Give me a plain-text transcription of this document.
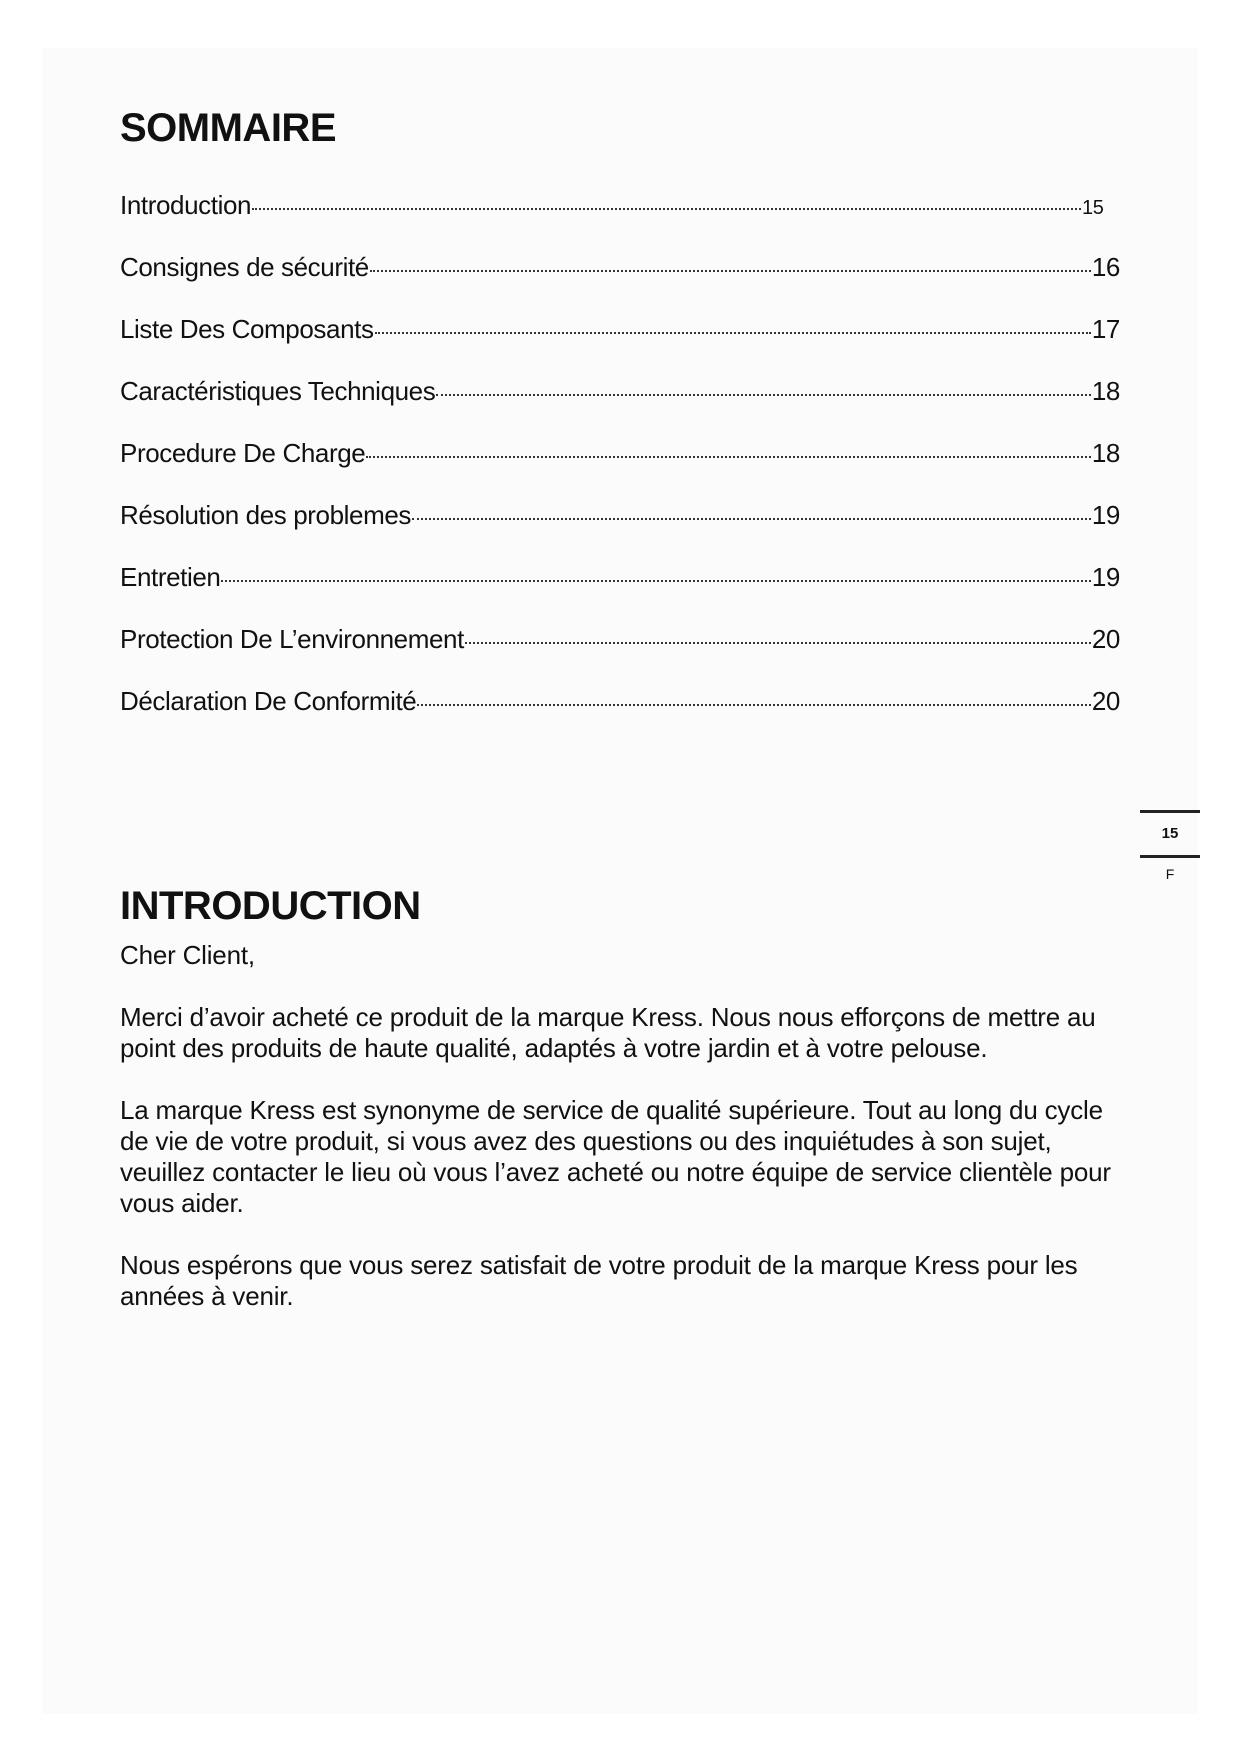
SOMMAIRE
Introduction	15
Consignes de sécurité	16
Liste Des Composants	17
Caractéristiques Techniques	18
Procedure De Charge	18
Résolution des problemes	19
Entretien	19
Protection De L’environnement	20
Déclaration De Conformité	20
INTRODUCTION

Cher Client,

Merci d’avoir acheté ce produit de la marque Kress. Nous nous efforçons de mettre au point des produits de haute qualité, adaptés à votre jardin et à votre pelouse.

La marque Kress est synonyme de service de qualité supérieure. Tout au long du cycle de vie de votre produit, si vous avez des questions ou des inquiétudes à son sujet, veuillez contacter le lieu où vous l’avez acheté ou notre équipe de service clientèle pour vous aider.

Nous espérons que vous serez satisfait de votre produit de la marque Kress pour les années à venir.

15
F
